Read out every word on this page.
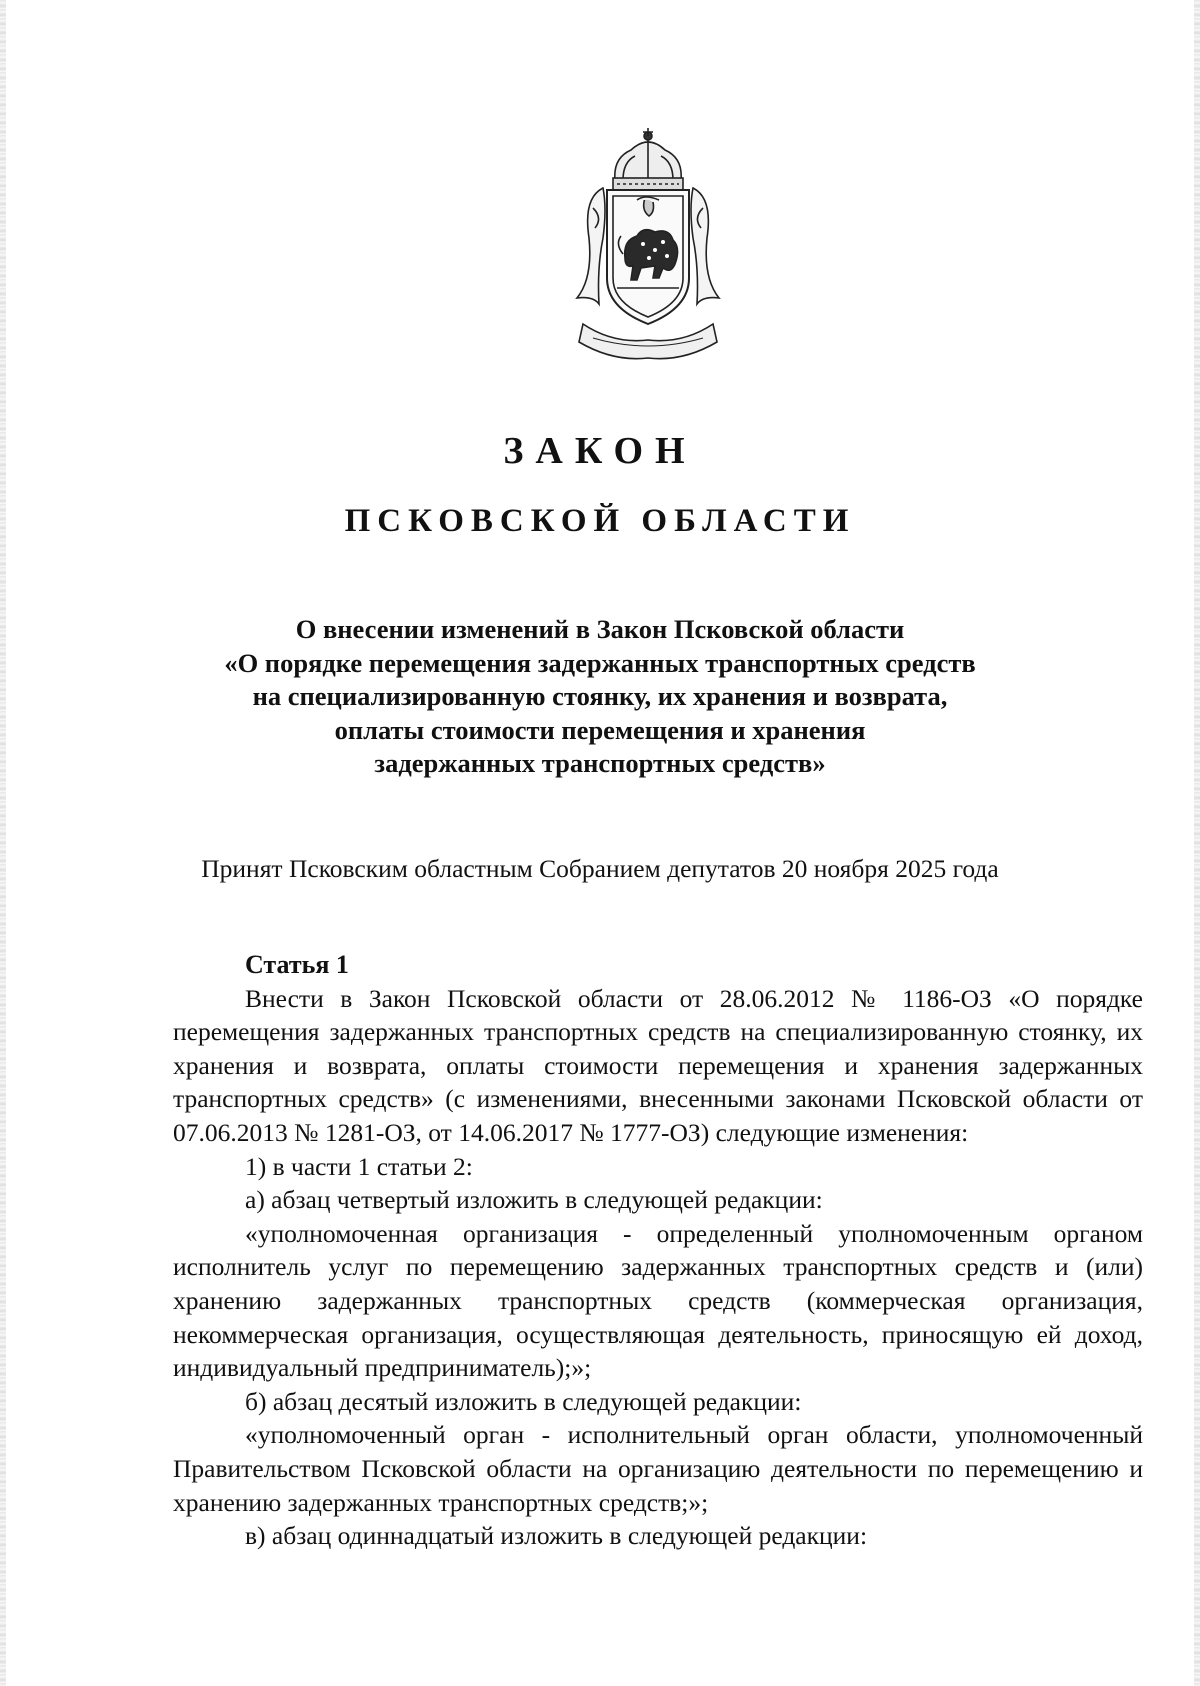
ЗАКОН
ПСКОВСКОЙ ОБЛАСТИ
О внесении изменений в Закон Псковской области
«О порядке перемещения задержанных транспортных средств
на специализированную стоянку, их хранения и возврата,
оплаты стоимости перемещения и хранения
задержанных транспортных средств»
Принят Псковским областным Собранием депутатов 20 ноября 2025 года
Статья 1

Внести в Закон Псковской области от 28.06.2012 № 1186-ОЗ «О порядке перемещения задержанных транспортных средств на специализированную стоянку, их хранения и возврата, оплаты стоимости перемещения и хранения задержанных транспортных средств» (с изменениями, внесенными законами Псковской области от 07.06.2013 № 1281-ОЗ, от 14.06.2017 № 1777-ОЗ) следующие изменения:

1) в части 1 статьи 2:

а) абзац четвертый изложить в следующей редакции:

«уполномоченная организация - определенный уполномоченным органом исполнитель услуг по перемещению задержанных транспортных средств и (или) хранению задержанных транспортных средств (коммерческая организация, некоммерческая организация, осуществляющая деятельность, приносящую ей доход, индивидуальный предприниматель);»;

б) абзац десятый изложить в следующей редакции:

«уполномоченный орган - исполнительный орган области, уполномоченный Правительством Псковской области на организацию деятельности по перемещению и хранению задержанных транспортных средств;»;

в) абзац одиннадцатый изложить в следующей редакции:
